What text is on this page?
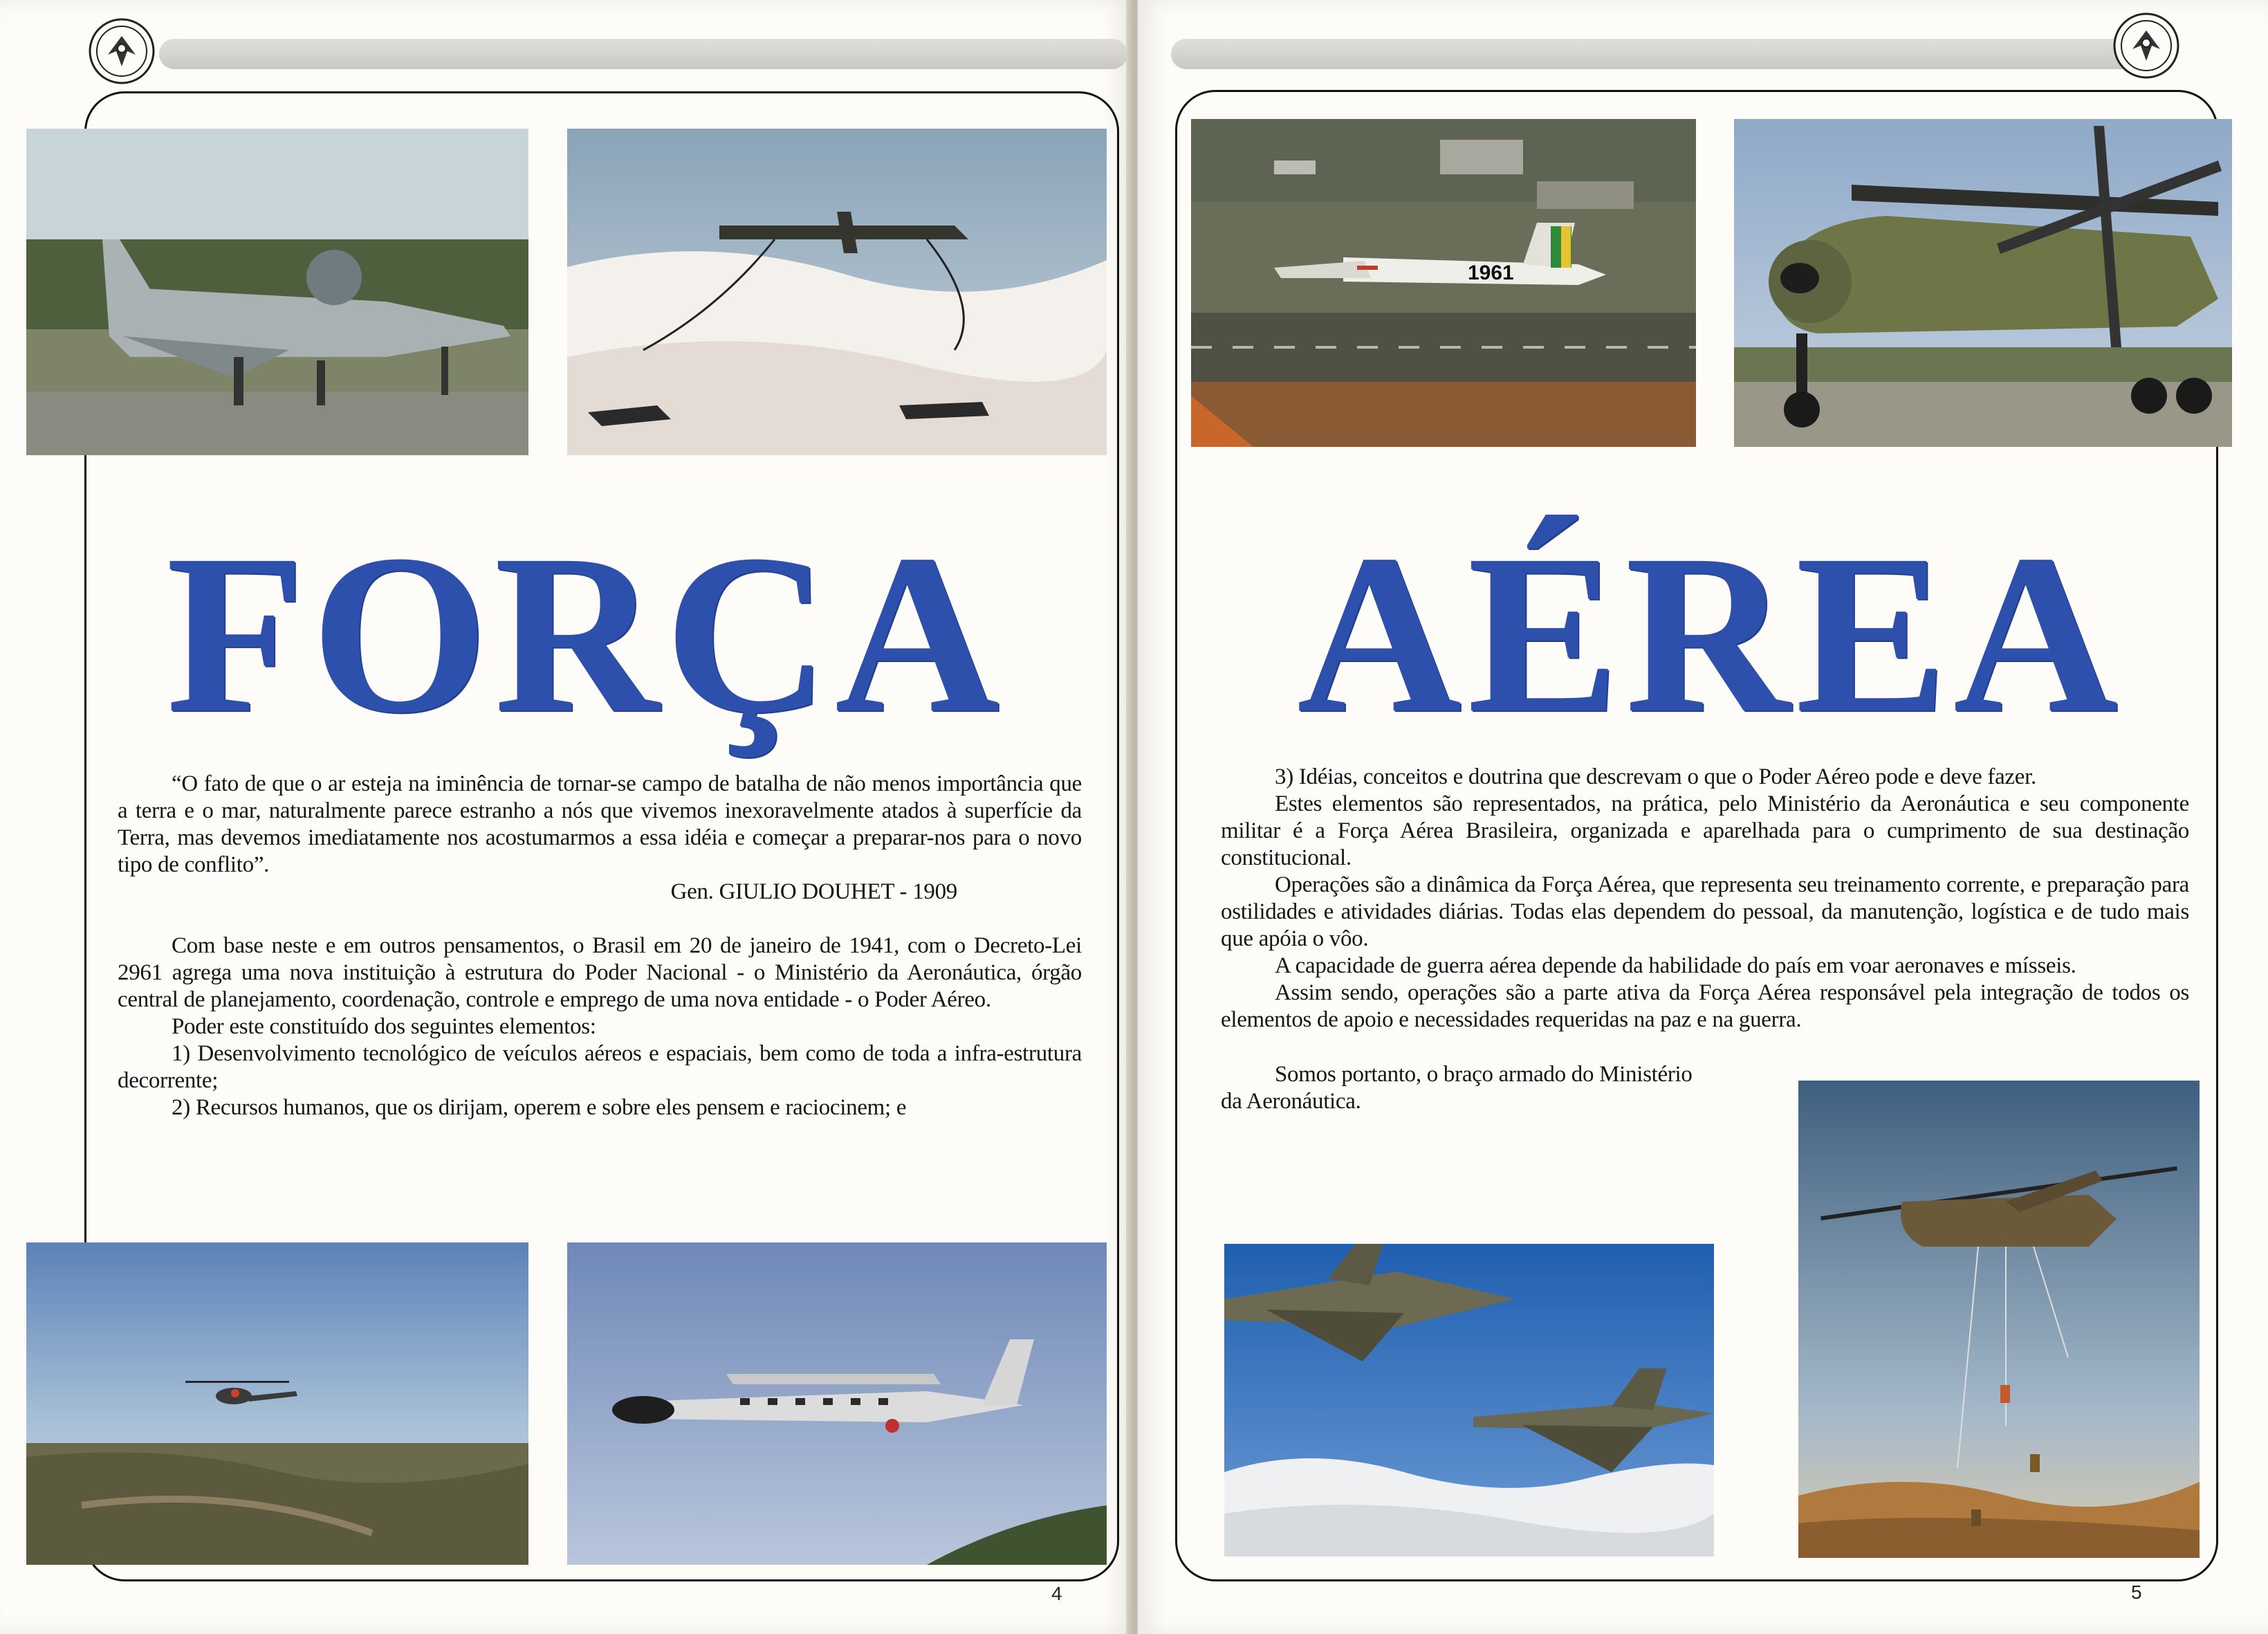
FORÇA

“O fato de que o ar esteja na iminência de tornar-se campo de batalha de não menos importância que a terra e o mar, naturalmente parece estranho a nós que vivemos inexoravelmente atados à superfície da Terra, mas devemos imediatamente nos acostumarmos a essa idéia e começar a preparar-nos para o novo tipo de conflito”.

Gen. GIULIO DOUHET - 1909

Com base neste e em outros pensamentos, o Brasil em 20 de janeiro de 1941, com o Decreto-Lei 2961 agrega uma nova instituição à estrutura do Poder Nacional - o Ministério da Aeronáutica, órgão central de planejamento, coordenação, controle e emprego de uma nova entidade - o Poder Aéreo.

Poder este constituído dos seguintes elementos:

1) Desenvolvimento tecnológico de veículos aéreos e espaciais, bem como de toda a infra-estrutura decorrente;

2) Recursos humanos, que os dirijam, operem e sobre eles pensem e raciocinem; e

4
1961
AÉREA

3) Idéias, conceitos e doutrina que descrevam o que o Poder Aéreo pode e deve fazer.

Estes elementos são representados, na prática, pelo Ministério da Aeronáutica e seu componente militar é a Força Aérea Brasileira, organizada e aparelhada para o cumprimento de sua destinação constitucional.

Operações são a dinâmica da Força Aérea, que representa seu treinamento corrente, e preparação para ostilidades e atividades diárias. Todas elas dependem do pessoal, da manutenção, logística e de tudo mais que apóia o vôo.

A capacidade de guerra aérea depende da habilidade do país em voar aeronaves e mísseis.

Assim sendo, operações são a parte ativa da Força Aérea responsável pela integração de todos os elementos de apoio e necessidades requeridas na paz e na guerra.

Somos portanto, o braço armado do Ministério da Aeronáutica.

5
